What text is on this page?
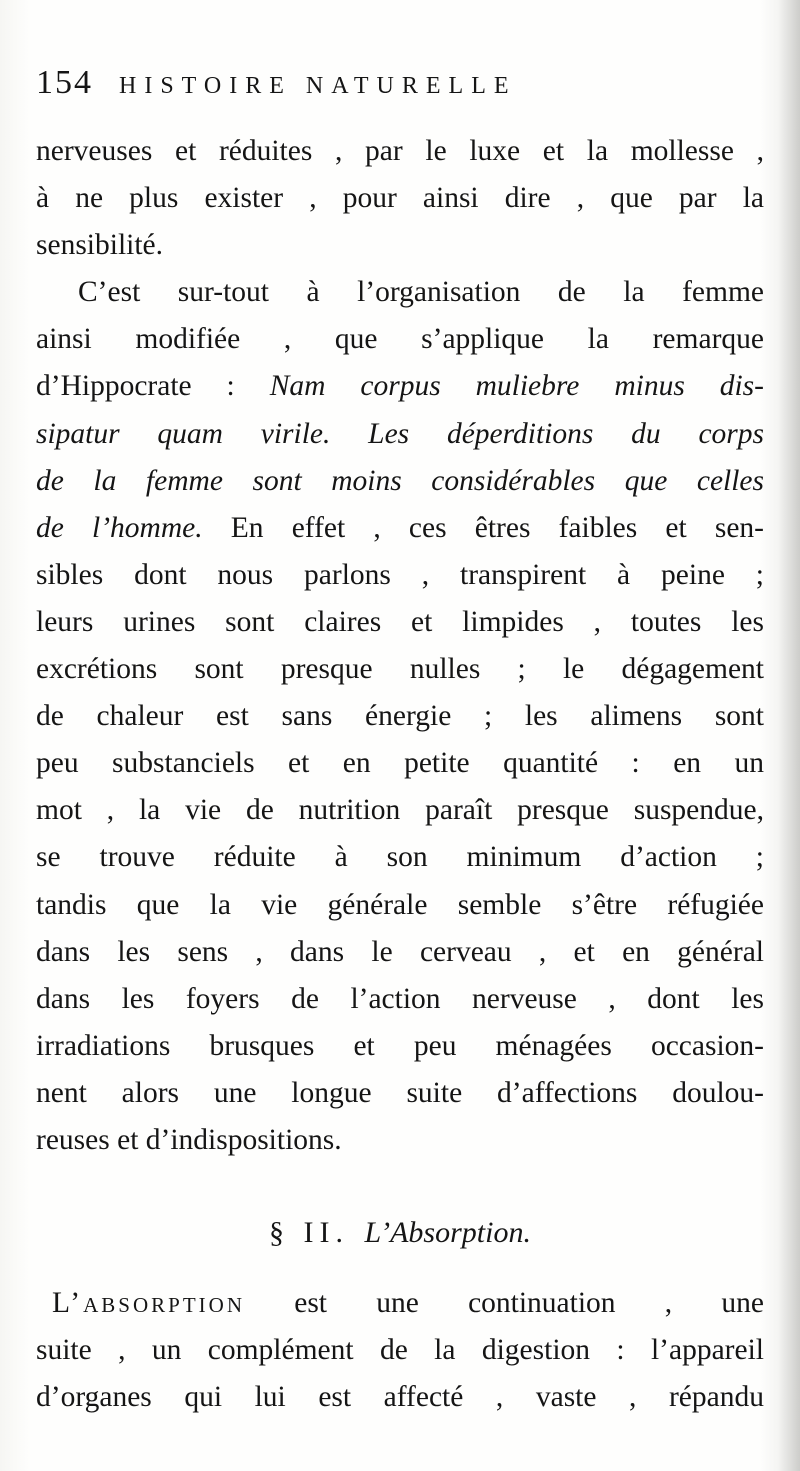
154 HISTOIRE NATURELLE

nerveuses et réduites , par le luxe et la mollesse ,
à ne plus exister , pour ainsi dire , que par la
sensibilité.

C’est sur-tout à l’organisation de la femme
ainsi modifiée , que s’applique la remarque
d’Hippocrate : Nam corpus muliebre minus dis-
sipatur quam virile. Les déperditions du corps
de la femme sont moins considérables que celles
de l’homme. En effet , ces êtres faibles et sen-
sibles dont nous parlons , transpirent à peine ;
leurs urines sont claires et limpides , toutes les
excrétions sont presque nulles ; le dégagement
de chaleur est sans énergie ; les alimens sont
peu substanciels et en petite quantité : en un
mot , la vie de nutrition paraît presque suspendue,
se trouve réduite à son minimum d’action ;
tandis que la vie générale semble s’être réfugiée
dans les sens , dans le cerveau , et en général
dans les foyers de l’action nerveuse , dont les
irradiations brusques et peu ménagées occasion-
nent alors une longue suite d’affections doulou-
reuses et d’indispositions.

§ II. L’Absorption.
L’absorption est une continuation , une
suite , un complément de la digestion : l’appareil
d’organes qui lui est affecté , vaste , répandu
